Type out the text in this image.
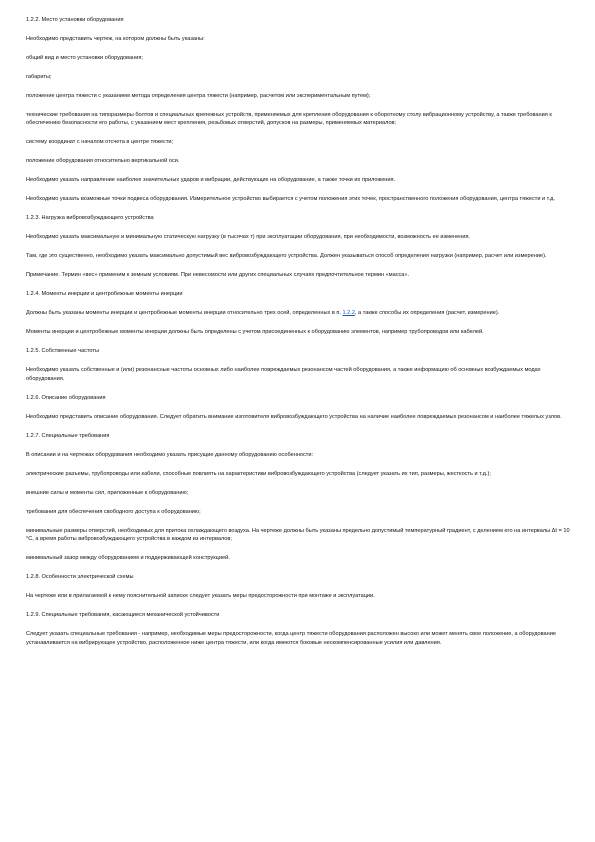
1.2.2. Место установки оборудования

Необходимо представить чертеж, на котором должны быть указаны:

общий вид и место установки оборудования;

габариты;

положение центра тяжести с указанием метода определения центра тяжести (например, расчетом или экспериментальным путем);

технические требования на типоразмеры болтов и специальных крепежных устройств, применяемых для крепления оборудования к оборотному столу вибрационному устройству, а также требования к обеспечению безопасности его работы, с указанием мест крепления, резьбовых отверстий, допусков на размеры, применяемых материалов;

систему координат с началом отсчета в центре тяжести;

положение оборудования относительно вертикальной оси.

Необходимо указать направление наиболее значительных ударов и вибрации, действующих на оборудование, а также точки их приложения.

Необходимо указать возможные точки подвеса оборудования. Измерительное устройство выбирается с учетом положения этих точек, пространственного положения оборудования, центра тяжести и т.д.

1.2.3. Нагрузка вибровозбуждающего устройства

Необходимо указать максимальную и минимальную статическую нагрузку (в тысячах т) при эксплуатации оборудования, при необходимости, возможность ее изменения.

Там, где это существенно, необходимо указать максимально допустимый вес вибровозбуждающего устройства. Должен указываться способ определения нагрузки (например, расчет или измерение).

Примечание. Термин «вес» применим к земным условиям. При невесомости или других специальных случаях предпочтительное термин «масса».

1.2.4. Моменты инерции и центробежные моменты инерции

Должны быть указаны моменты инерции и центробежные моменты инерции относительно трех осей, определенных в п. 1.2.2, а также способы их определения (расчет, измерение).

Моменты инерции и центробежные моменты инерции должны быть определены с учетом присоединенных к оборудованию элементов, например трубопроводов или кабелей.

1.2.5. Собственные частоты

Необходимо указать собственные и (или) резонансные частоты основных либо наиболее повреждаемых резонансом частей оборудования, а также информацию об основных возбуждаемых модах оборудования.

1.2.6. Описание оборудования

Необходимо представить описание оборудования. Следует обратить внимание изготовителя вибровозбуждающего устройства на наличие наиболее повреждаемых резонансом и наиболее тяжелых узлов.

1.2.7. Специальные требования

В описании и на чертежах оборудования необходимо указать присущие данному оборудованию особенности:

электрические разъемы, трубопроводы или кабели, способные повлиять на характеристики вибровозбуждающего устройства (следует указать их тип, размеры, жесткость и т.д.);

внешние силы и моменты сил, приложенные к оборудованию;

требования для обеспечения свободного доступа к оборудованию;

минимальные размеры отверстий, необходимых для притока охлаждающего воздуха. На чертеже должны быть указаны предельно допустимый температурный градиент, с делением его на интервалы Δt = 10 °С, а время работы вибровозбуждающего устройства в каждом из интервалов;

минимальный зазор между оборудованием и поддерживающей конструкцией.

1.2.8. Особенности электрической схемы

На чертеже или в прилагаемой к нему пояснительной записке следует указать меры предосторожности при монтаже и эксплуатации.

1.2.9. Специальные требования, касающиеся механической устойчивости

Следует указать специальные требования - например, необходимые меры предосторожности, когда центр тяжести оборудования расположен высоко или может менять свое положение, а оборудование устанавливается на вибрирующее устройство, расположенное ниже центра тяжести, или когда имеются боковые нескомпенсированные усилия или давления.
